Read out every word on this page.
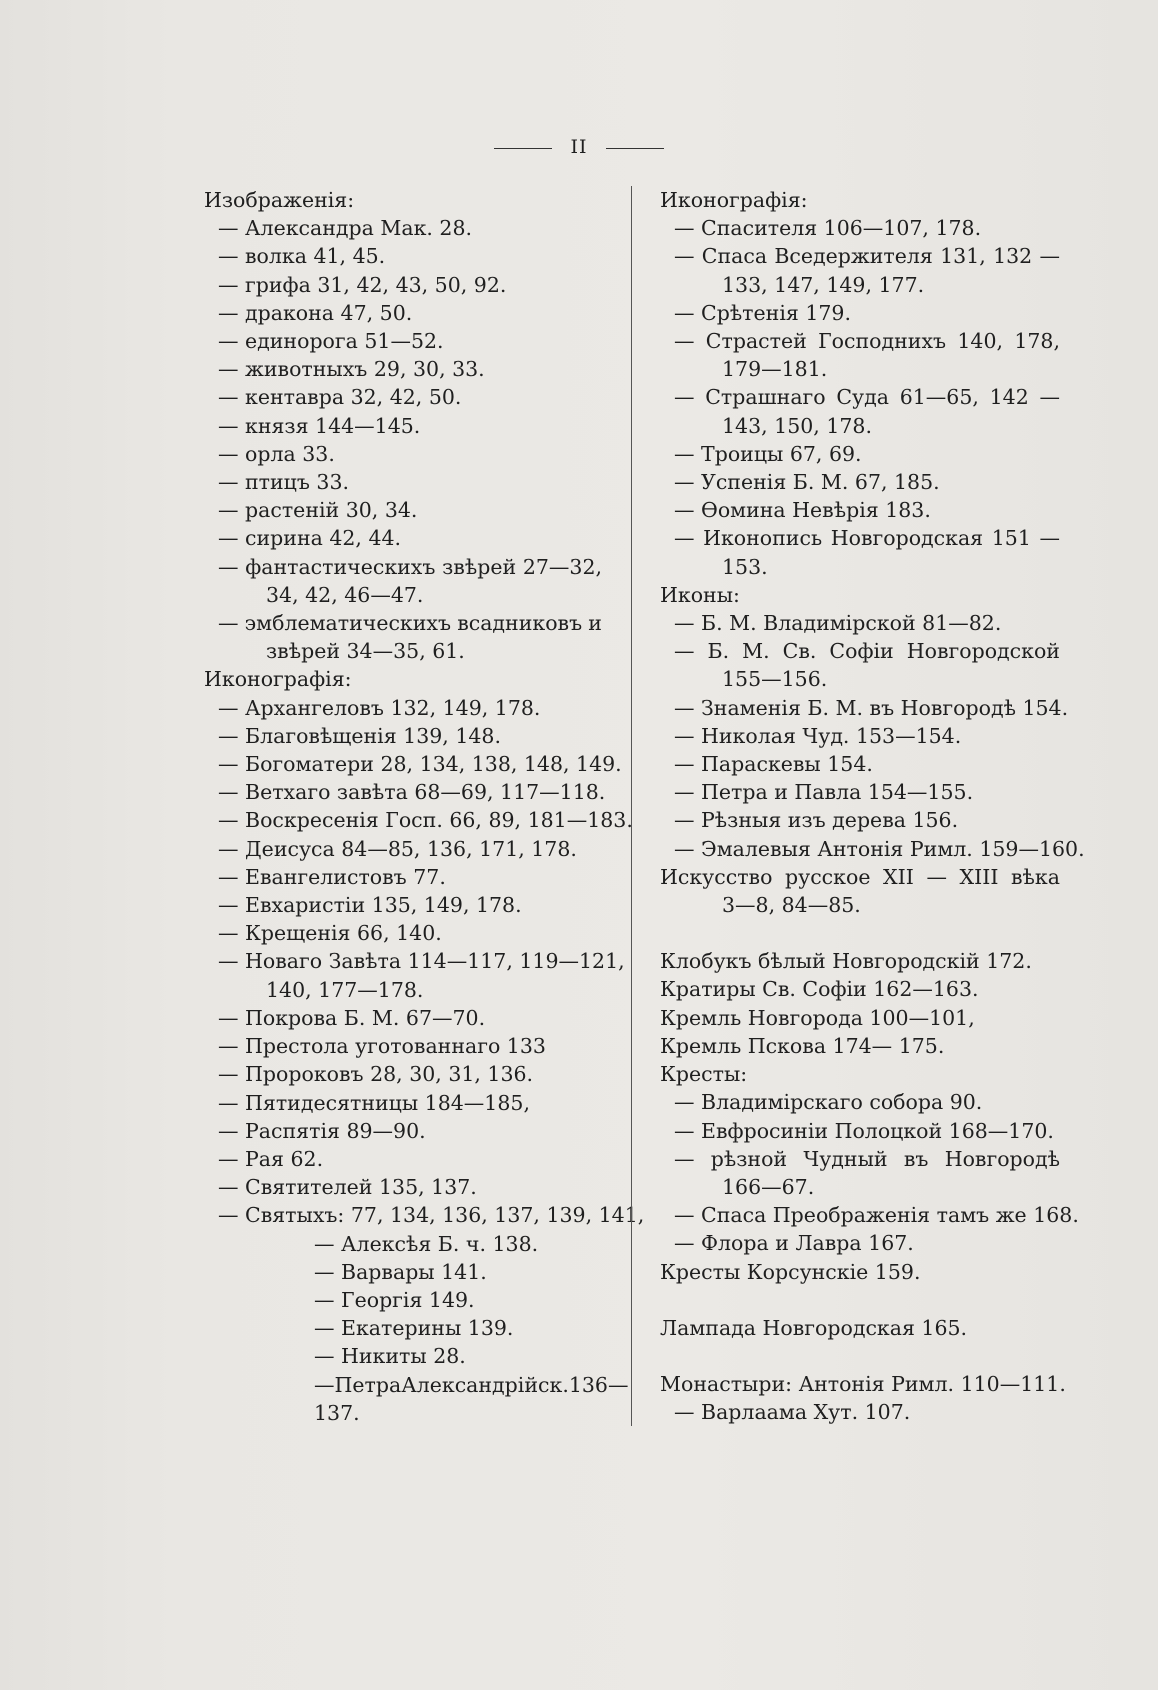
II
Изображенія:
— Александра Мак. 28.
— волка 41, 45.
— грифа 31, 42, 43, 50, 92.
— дракона 47, 50.
— единорога 51—52.
— животныхъ 29, 30, 33.
— кентавра 32, 42, 50.
— князя 144—145.
— орла 33.
— птицъ 33.
— растеній 30, 34.
— сирина 42, 44.
— фантастическихъ звѣрей 27—32,
34, 42, 46—47.
— эмблематическихъ всадниковъ и
звѣрей 34—35, 61.
Иконографія:
— Архангеловъ 132, 149, 178.
— Благовѣщенія 139, 148.
— Богоматери 28, 134, 138, 148, 149.
— Ветхаго завѣта 68—69, 117—118.
— Воскресенія Госп. 66, 89, 181—183.
— Деисуса 84—85, 136, 171, 178.
— Евангелистовъ 77.
— Евхаристіи 135, 149, 178.
— Крещенія 66, 140.
— Новаго Завѣта 114—117, 119—121,
140, 177—178.
— Покрова Б. М. 67—70.
— Престола уготованнаго 133
— Пророковъ 28, 30, 31, 136.
— Пятидесятницы 184—185,
— Распятія 89—90.
— Рая 62.
— Святителей 135, 137.
— Святыхъ: 77, 134, 136, 137, 139, 141,
— Алексѣя Б. ч. 138.
— Варвары 141.
— Георгія 149.
— Екатерины 139.
— Никиты 28.
— Петра Александрійск. 136 —
137.
Иконографія:
— Спасителя 106—107, 178.
— Спаса Вседержителя 131, 132 —
133, 147, 149, 177.
— Срѣтенія 179.
— Страстей Господнихъ 140, 178,
179—181.
— Страшнаго Суда 61—65, 142 —
143, 150, 178.
— Троицы 67, 69.
— Успенія Б. М. 67, 185.
— Ѳомина Невѣрія 183.
— Иконопись Новгородская 151 —
153.
Иконы:
— Б. М. Владимірской 81—82.
— Б. М. Св. Софіи Новгородской
155—156.
— Знаменія Б. М. въ Новгородѣ 154.
— Николая Чуд. 153—154.
— Параскевы 154.
— Петра и Павла 154—155.
— Рѣзныя изъ дерева 156.
— Эмалевыя Антонія Римл. 159—160.
Искусство русское XII — XIII вѣка
3—8, 84—85.
Клобукъ бѣлый Новгородскій 172.
Кратиры Св. Софіи 162—163.
Кремль Новгорода 100—101,
Кремль Пскова 174— 175.
Кресты:
— Владимірскаго собора 90.
— Евфросиніи Полоцкой 168—170.
— рѣзной Чудный въ Новгородѣ
166—67.
— Спаса Преображенія тамъ же 168.
— Флора и Лавра 167.
Кресты Корсунскіе 159.
Лампада Новгородская 165.
Монастыри: Антонія Римл. 110—111.
— Варлаама Хут. 107.
